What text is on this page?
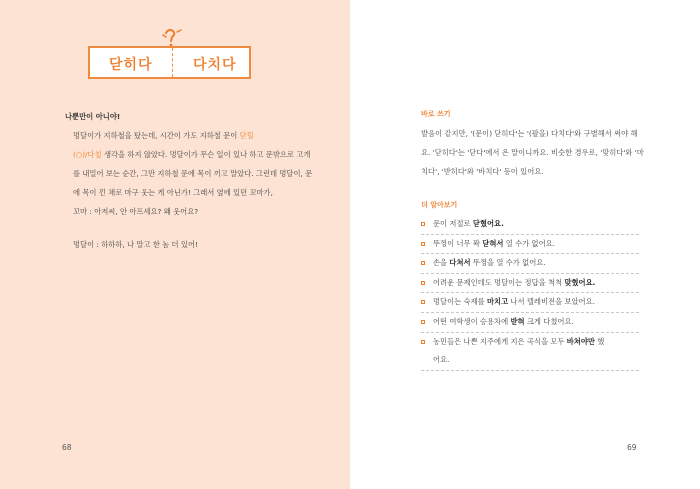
닫히다	다치다

나뿐만이 아니야!

멍달이가 지하철을 탔는데, 시간이 가도 지하철 문이 닫힐
(○)/다칠 생각을 하지 않았다. 멍달이가 무슨 일이 있나 하고 문밖으로 고개를 내밀어 보는 순간, 그만 지하철 문에 목이 끼고 말았다. 그런데 멍달이, 문에 목이 낀 채로 마구 웃는 게 아닌가! 그래서 옆에 있던 꼬마가,

꼬마 : 아저씨, 안 아프세요? 왜 웃어요?

멍달이 : 하하하, 나 말고 한 놈 더 있어!

68
바로 쓰기

발음이 같지만, '(문이) 닫히다'는 '(팔을) 다치다'와 구별해서 써야 해요. '닫히다'는 '닫다'에서 온 말이니까요. 비슷한 경우로, '맞히다'와 '마치다', '받히다'와 '바치다' 등이 있어요.

더 알아보기
문이 저절로 닫혔어요.
뚜껑이 너무 꽉 닫혀서 열 수가 없어요.
손을 다쳐서 뚜껑을 열 수가 없어요.
어려운 문제인데도 멍달이는 정답을 척척 맞혔어요.
멍달이는 숙제를 마치고 나서 텔레비전을 보았어요.
어떤 여학생이 승용차에 받혀 크게 다쳤어요.
농민들은 나쁜 지주에게 지은 곡식을 모두 바쳐야만 했
어요.
69
